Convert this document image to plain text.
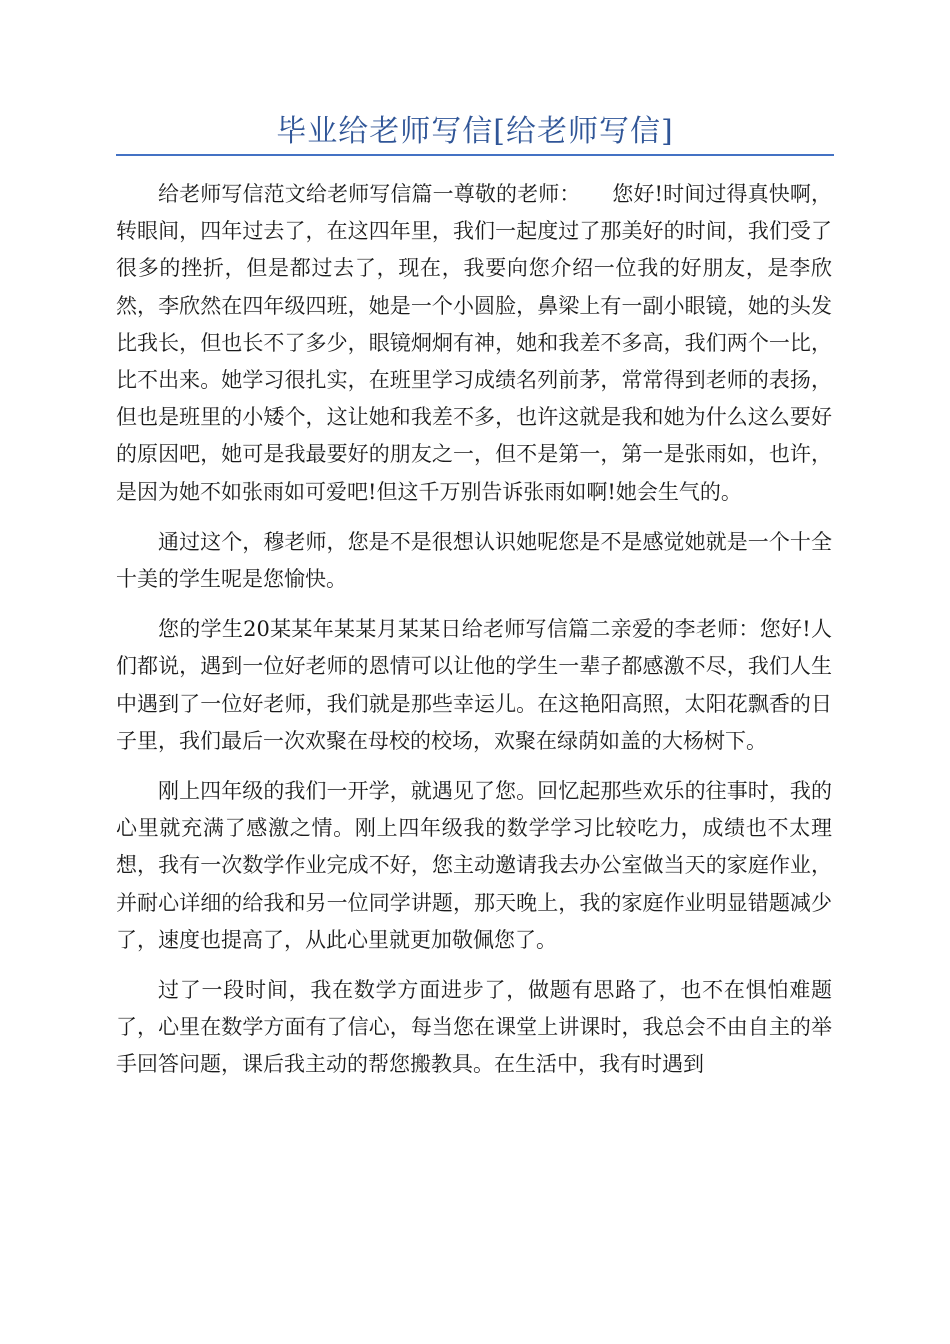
毕业给老师写信[给老师写信]

给老师写信范文给老师写信篇一尊敬的老师：　　您好!时间过得真快啊，转眼间，四年过去了，在这四年里，我们一起度过了那美好的时间，我们受了很多的挫折，但是都过去了，现在，我要向您介绍一位我的好朋友，是李欣然，李欣然在四年级四班，她是一个小圆脸，鼻梁上有一副小眼镜，她的头发比我长，但也长不了多少，眼镜炯炯有神，她和我差不多高，我们两个一比，比不出来。她学习很扎实，在班里学习成绩名列前茅，常常得到老师的表扬，但也是班里的小矮个，这让她和我差不多，也许这就是我和她为什么这么要好的原因吧，她可是我最要好的朋友之一，但不是第一，第一是张雨如，也许，是因为她不如张雨如可爱吧!但这千万别告诉张雨如啊!她会生气的。

通过这个，穆老师，您是不是很想认识她呢您是不是感觉她就是一个十全十美的学生呢是您愉快。

您的学生20某某年某某月某某日给老师写信篇二亲爱的李老师：您好!人们都说，遇到一位好老师的恩情可以让他的学生一辈子都感激不尽，我们人生中遇到了一位好老师，我们就是那些幸运儿。在这艳阳高照，太阳花飘香的日子里，我们最后一次欢聚在母校的校场，欢聚在绿荫如盖的大杨树下。

刚上四年级的我们一开学，就遇见了您。回忆起那些欢乐的往事时，我的心里就充满了感激之情。刚上四年级我的数学学习比较吃力，成绩也不太理想，我有一次数学作业完成不好，您主动邀请我去办公室做当天的家庭作业，并耐心详细的给我和另一位同学讲题，那天晚上，我的家庭作业明显错题减少了，速度也提高了，从此心里就更加敬佩您了。

过了一段时间，我在数学方面进步了，做题有思路了，也不在惧怕难题了，心里在数学方面有了信心，每当您在课堂上讲课时，我总会不由自主的举手回答问题，课后我主动的帮您搬教具。在生活中，我有时遇到
